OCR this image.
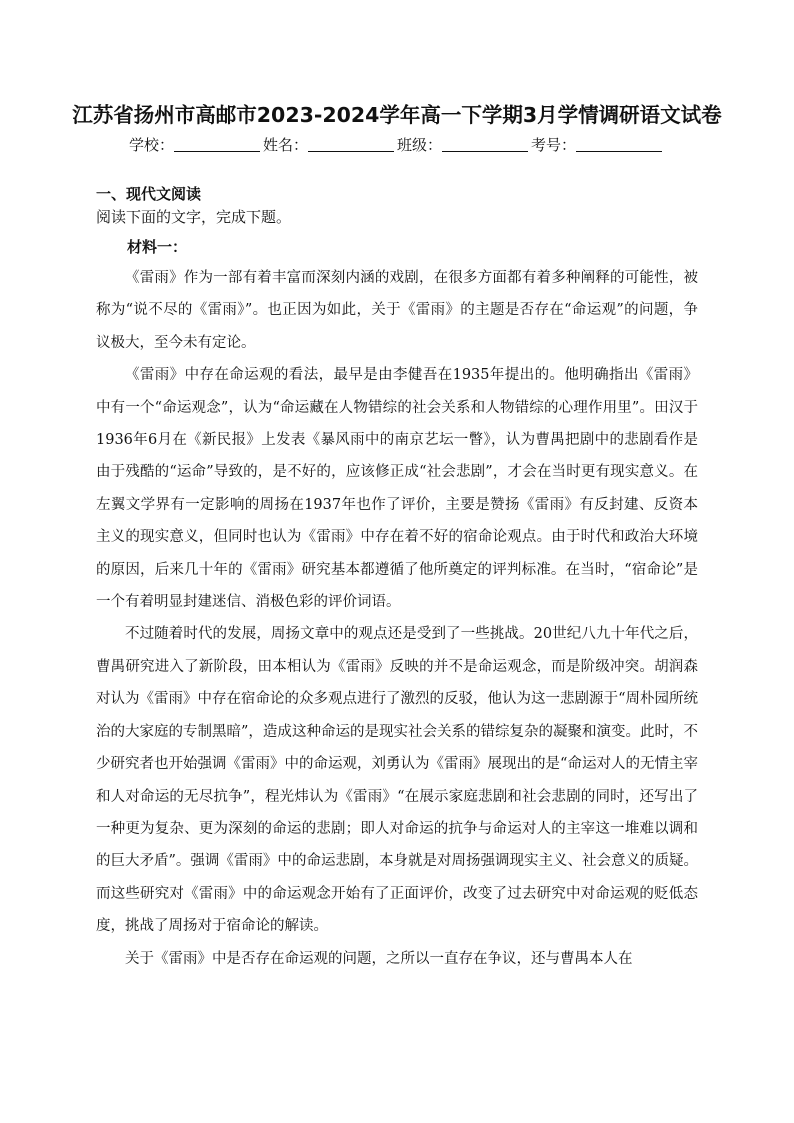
江苏省扬州市高邮市2023-2024学年高一下学期3月学情调研语文试卷
学校：	姓名：	班级：	考号：
一、现代文阅读
阅读下面的文字，完成下题。
材料一：

《雷雨》作为一部有着丰富而深刻内涵的戏剧，在很多方面都有着多种阐释的可能性，被称为“说不尽的《雷雨》”。也正因为如此，关于《雷雨》的主题是否存在“命运观”的问题，争议极大，至今未有定论。

《雷雨》中存在命运观的看法，最早是由李健吾在1935年提出的。他明确指出《雷雨》中有一个“命运观念”，认为“命运藏在人物错综的社会关系和人物错综的心理作用里”。田汉于1936年6月在《新民报》上发表《暴风雨中的南京艺坛一瞥》，认为曹禺把剧中的悲剧看作是由于残酷的“运命”导致的，是不好的，应该修正成“社会悲剧”，才会在当时更有现实意义。在左翼文学界有一定影响的周扬在1937年也作了评价，主要是赞扬《雷雨》有反封建、反资本主义的现实意义，但同时也认为《雷雨》中存在着不好的宿命论观点。由于时代和政治大环境的原因，后来几十年的《雷雨》研究基本都遵循了他所奠定的评判标准。在当时，“宿命论”是一个有着明显封建迷信、消极色彩的评价词语。

不过随着时代的发展，周扬文章中的观点还是受到了一些挑战。20世纪八九十年代之后，曹禺研究进入了新阶段，田本相认为《雷雨》反映的并不是命运观念，而是阶级冲突。胡润森对认为《雷雨》中存在宿命论的众多观点进行了激烈的反驳，他认为这一悲剧源于“周朴园所统治的大家庭的专制黑暗”，造成这种命运的是现实社会关系的错综复杂的凝聚和演变。此时，不少研究者也开始强调《雷雨》中的命运观，刘勇认为《雷雨》展现出的是“命运对人的无情主宰和人对命运的无尽抗争”，程光炜认为《雷雨》“在展示家庭悲剧和社会悲剧的同时，还写出了一种更为复杂、更为深刻的命运的悲剧；即人对命运的抗争与命运对人的主宰这一堆难以调和的巨大矛盾”。强调《雷雨》中的命运悲剧，本身就是对周扬强调现实主义、社会意义的质疑。而这些研究对《雷雨》中的命运观念开始有了正面评价，改变了过去研究中对命运观的贬低态度，挑战了周扬对于宿命论的解读。

关于《雷雨》中是否存在命运观的问题，之所以一直存在争议，还与曹禺本人在
